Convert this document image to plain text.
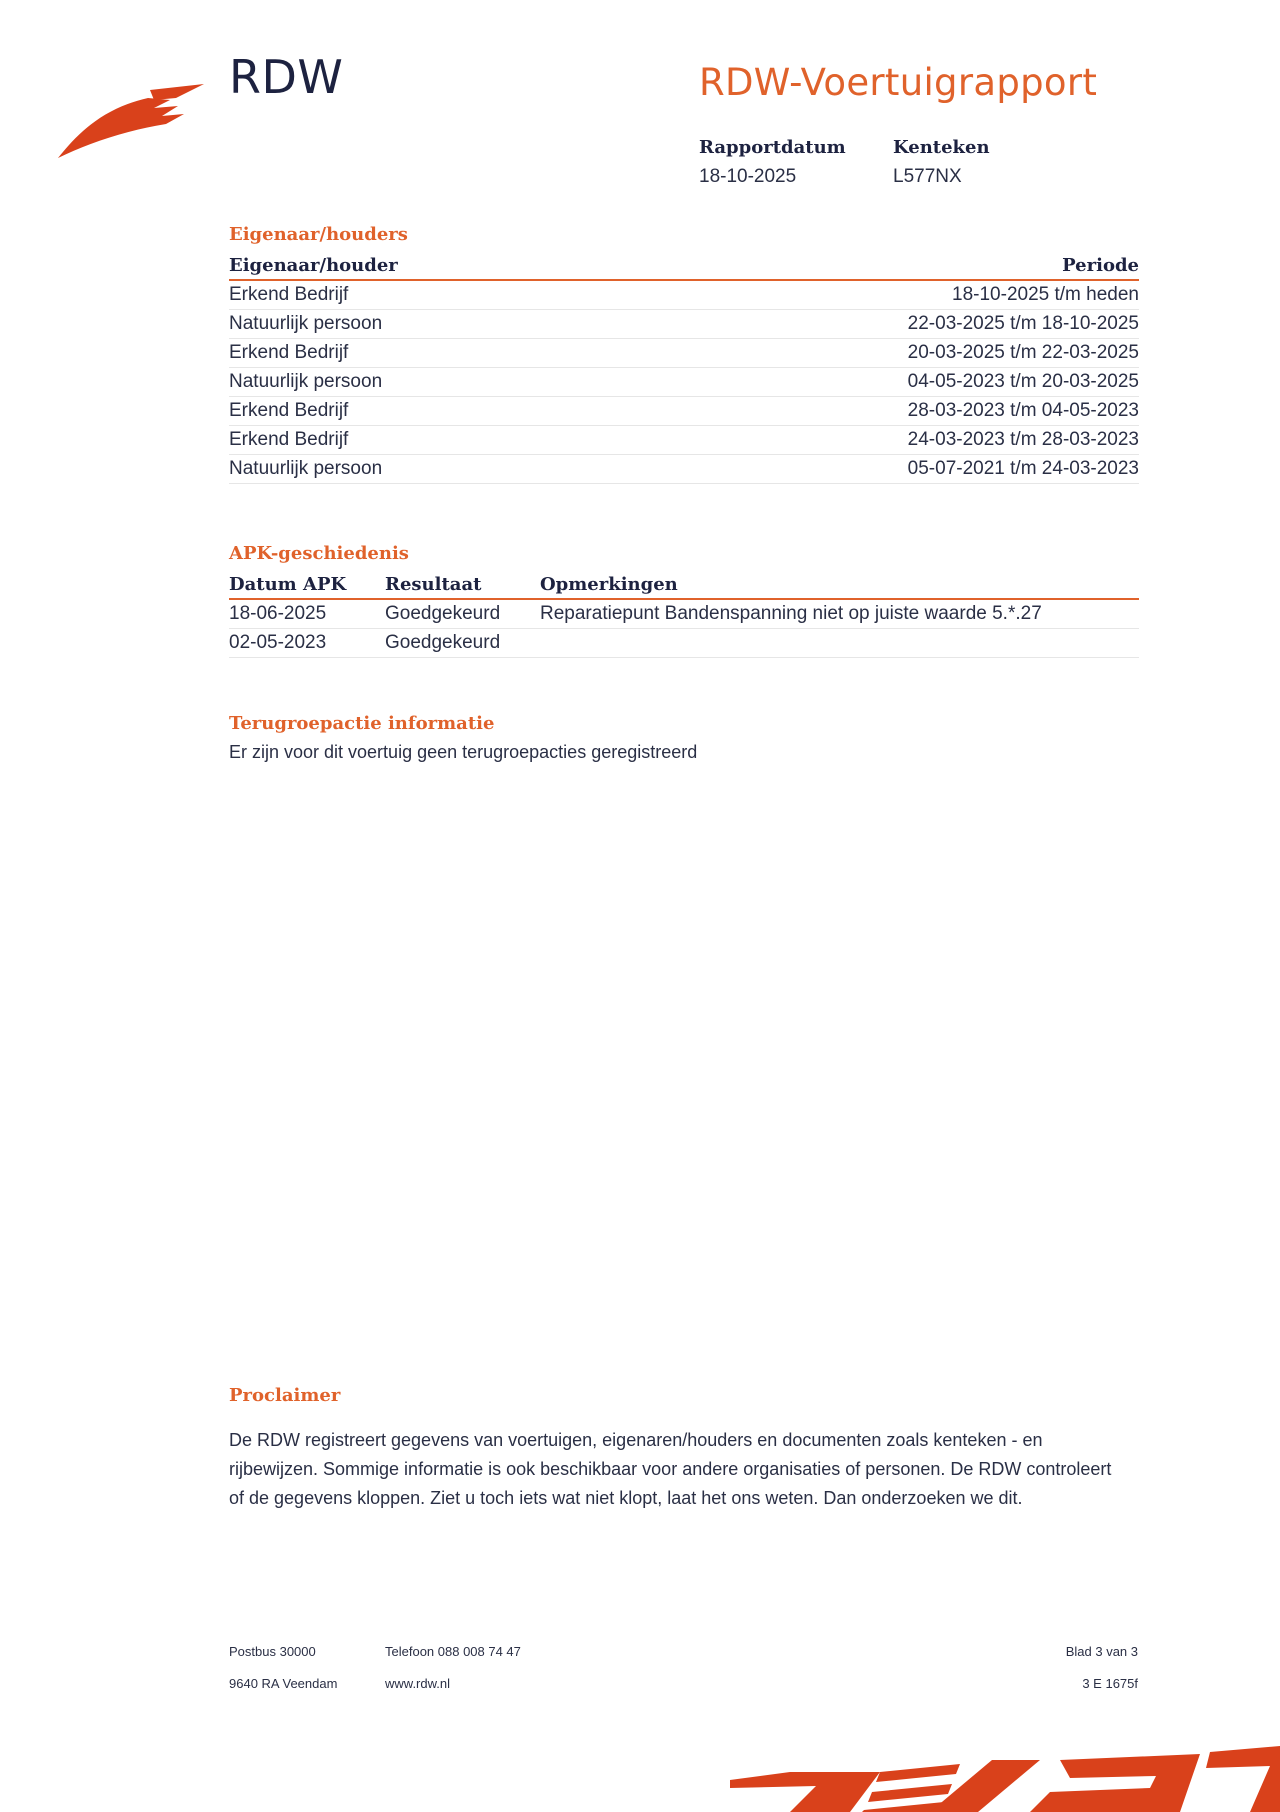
RDW	RDW-Voertuigrapport
Rapportdatum
18-10-2025
Kenteken
L577NX
Eigenaar/houders
Eigenaar/houder	Periode
Erkend Bedrijf	18-10-2025 t/m heden
Natuurlijk persoon	22-03-2025 t/m 18-10-2025
Erkend Bedrijf	20-03-2025 t/m 22-03-2025
Natuurlijk persoon	04-05-2023 t/m 20-03-2025
Erkend Bedrijf	28-03-2023 t/m 04-05-2023
Erkend Bedrijf	24-03-2023 t/m 28-03-2023
Natuurlijk persoon	05-07-2021 t/m 24-03-2023
APK-geschiedenis
Datum APK	Resultaat	Opmerkingen
18-06-2025	Goedgekeurd	Reparatiepunt Bandenspanning niet op juiste waarde 5.*.27
02-05-2023	Goedgekeurd	
Terugroepactie informatie
Er zijn voor dit voertuig geen terugroepacties geregistreerd
Proclaimer
De RDW registreert gegevens van voertuigen, eigenaren/houders en documenten zoals kenteken - en rijbewijzen. Sommige informatie is ook beschikbaar voor andere organisaties of personen. De RDW controleert of de gegevens kloppen. Ziet u toch iets wat niet klopt, laat het ons weten. Dan onderzoeken we dit.
Postbus 30000
9640 RA Veendam
Telefoon 088 008 74 47
www.rdw.nl
Blad 3 van 3
3 E 1675f
